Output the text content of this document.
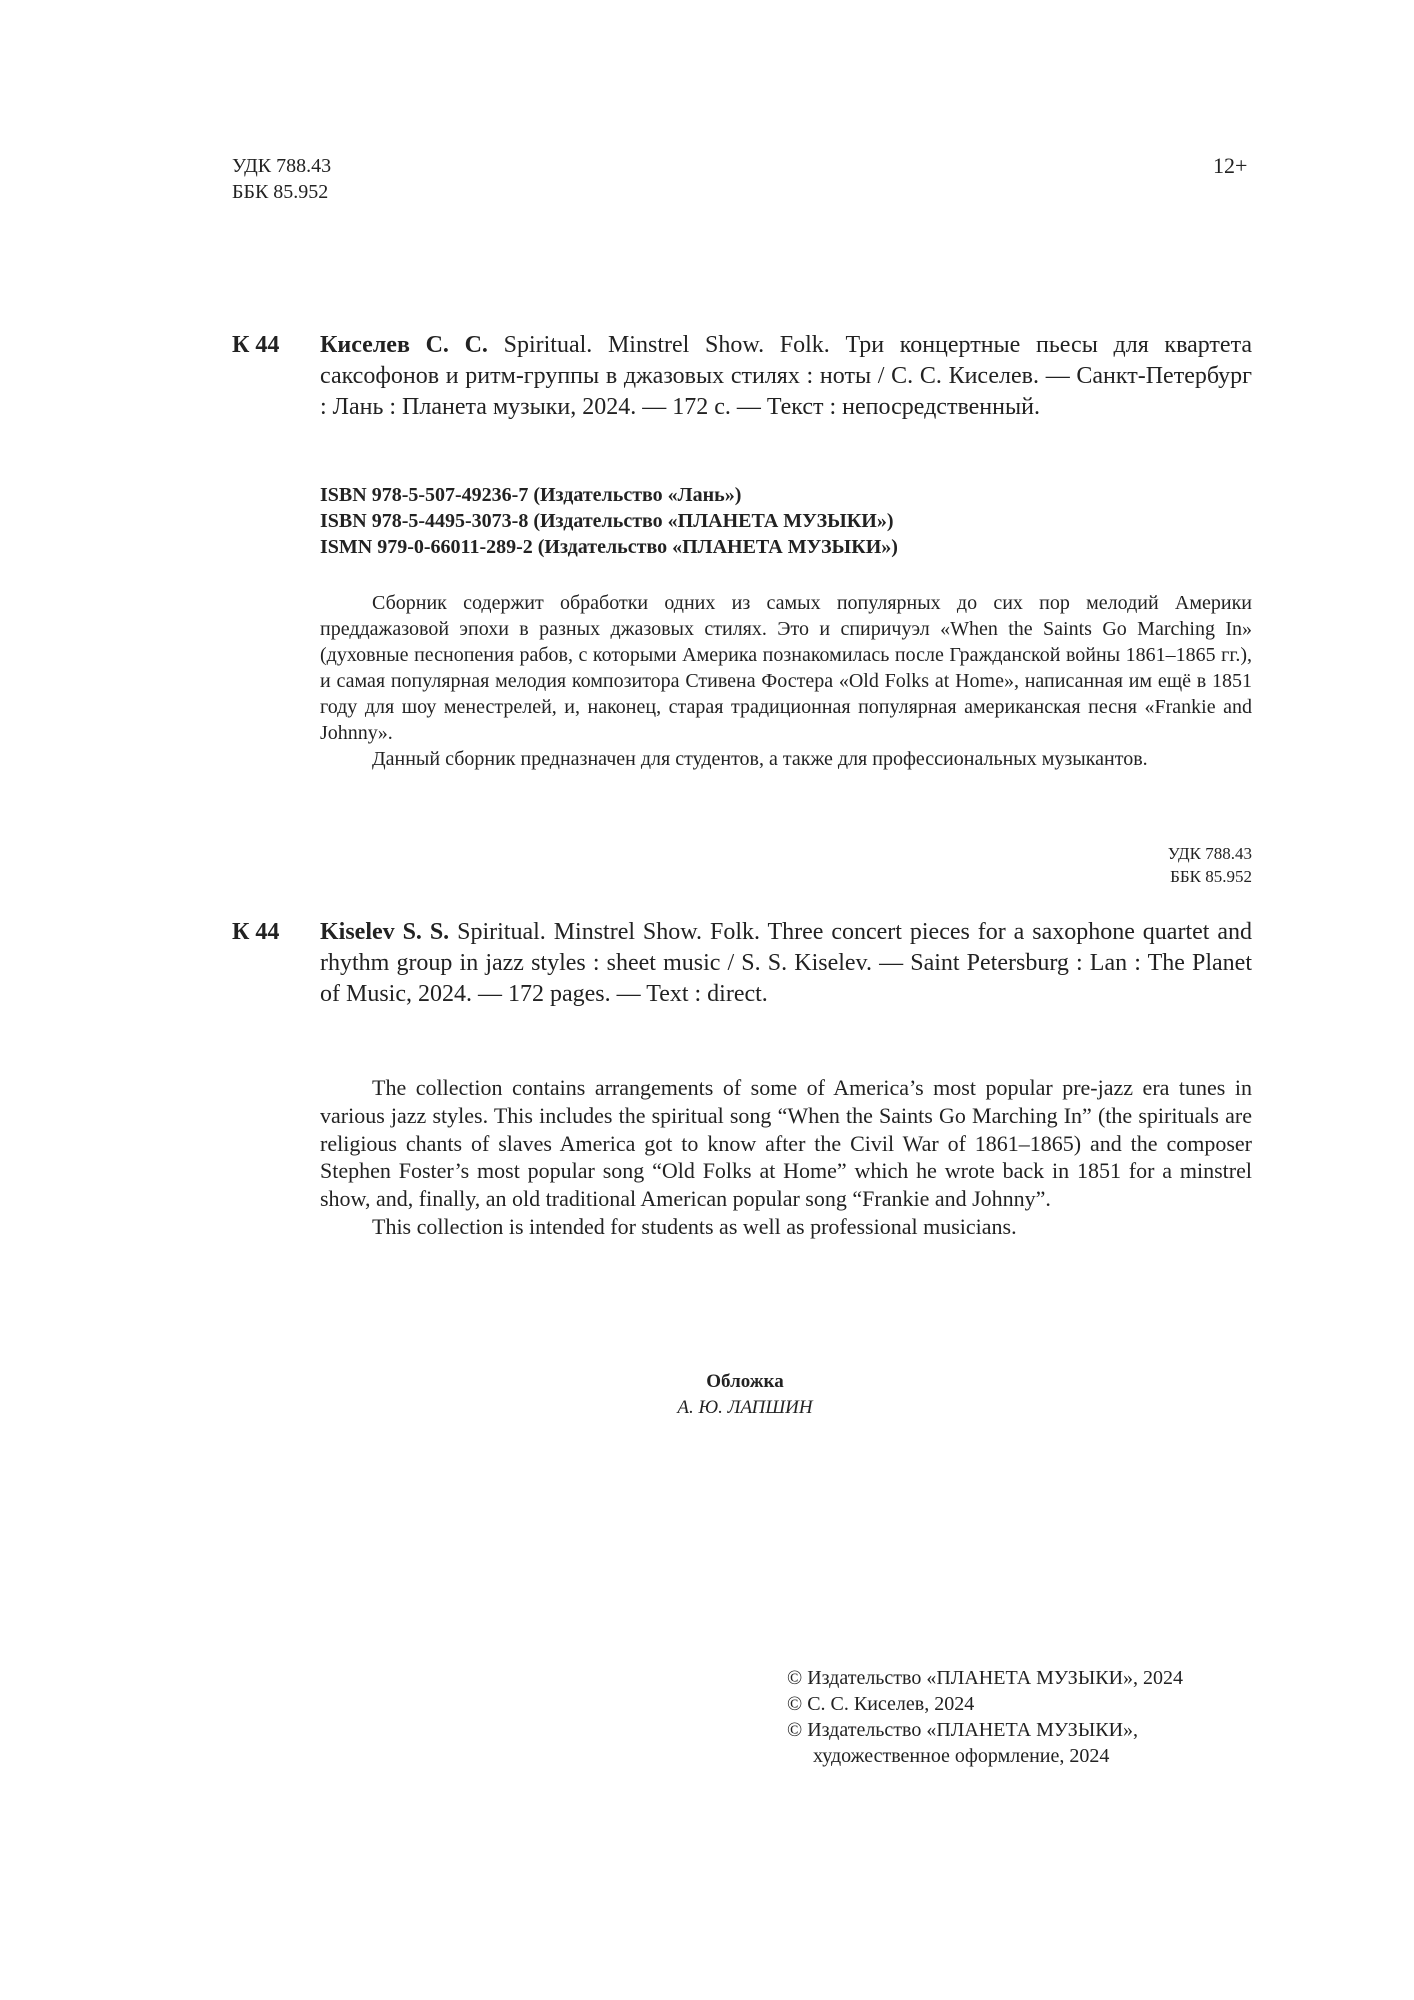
УДК 788.43
ББК 85.952
12+
К 44 Киселев С. С. Spiritual. Minstrel Show. Folk. Три концертные пьесы для квартета саксофонов и ритм-группы в джазовых стилях : ноты / С. С. Киселев. — Санкт-Петербург : Лань : Планета музыки, 2024. — 172 с. — Текст : непосредственный.
ISBN 978-5-507-49236-7 (Издательство «Лань»)
ISBN 978-5-4495-3073-8 (Издательство «ПЛАНЕТА МУЗЫКИ»)
ISMN 979-0-66011-289-2 (Издательство «ПЛАНЕТА МУЗЫКИ»)

Сборник содержит обработки одних из самых популярных до сих пор мелодий Америки преддажазовой эпохи в разных джазовых стилях. Это и спиричуэл «When the Saints Go Marching In» (духовные песнопения рабов, с которыми Америка познакомилась после Гражданской войны 1861–1865 гг.), и самая популярная мелодия композитора Стивена Фостера «Old Folks at Home», написанная им ещё в 1851 году для шоу менестрелей, и, наконец, старая традиционная популярная американская песня «Frankie and Johnny».

Данный сборник предназначен для студентов, а также для профессиональных музыкантов.

УДК 788.43
ББК 85.952
К 44 Kiselev S. S. Spiritual. Minstrel Show. Folk. Three concert pieces for a saxophone quartet and rhythm group in jazz styles : sheet music / S. S. Kiselev. — Saint Petersburg : Lan : The Planet of Music, 2024. — 172 pages. — Text : direct.

The collection contains arrangements of some of America’s most popular pre-jazz era tunes in various jazz styles. This includes the spiritual song “When the Saints Go Marching In” (the spirituals are religious chants of slaves America got to know after the Civil War of 1861–1865) and the composer Stephen Foster’s most popular song “Old Folks at Home” which he wrote back in 1851 for a minstrel show, and, finally, an old traditional American popular song “Frankie and Johnny”.

This collection is intended for students as well as professional musicians.

Обложка
А. Ю. ЛАПШИН
© Издательство «ПЛАНЕТА МУЗЫКИ», 2024
© С. С. Киселев, 2024
© Издательство «ПЛАНЕТА МУЗЫКИ»,
художественное оформление, 2024
